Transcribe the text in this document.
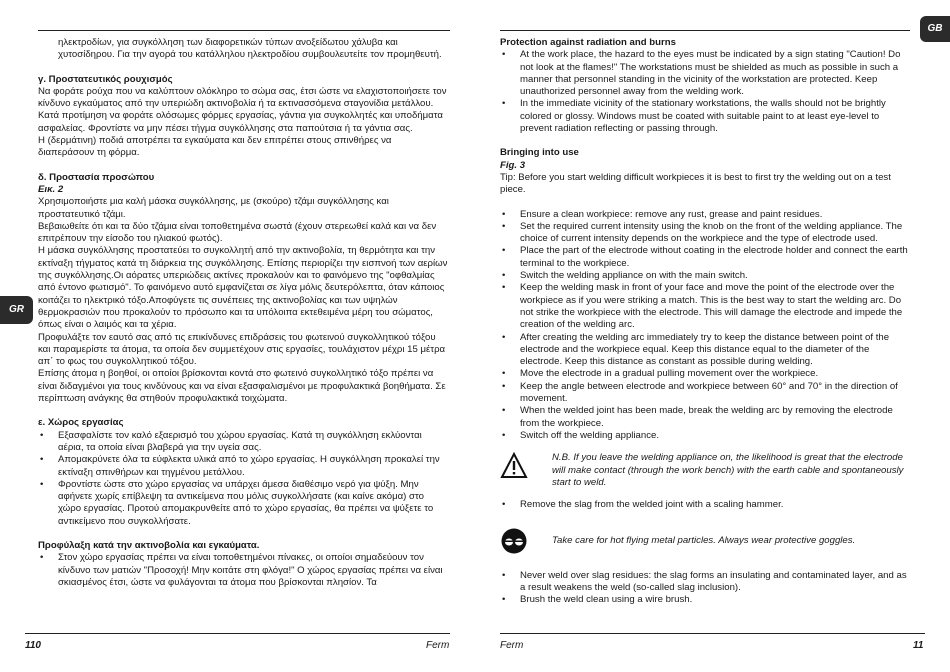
ηλεκτροδίων, για συγκόλληση των διαφορετικών τύπων ανοξείδωτου χάλυβα και χυτοσίδηρου. Για την αγορά του κατάλληλου ηλεκτροδίου συμβουλευτείτε τον προμηθευτή.

γ. Προστατευτικός ρουχισμός

Να φοράτε ρούχα που να καλύπτουν ολόκληρο το σώμα σας, έτσι ώστε να ελαχιστοποιήσετε τον κίνδυνο εγκαύματος από την υπεριώδη ακτινοβολία ή τα εκτινασσόμενα σταγονίδια μετάλλου.

Κατά προτίμηση να φοράτε ολόσωμες φόρμες εργασίας, γάντια για συγκολλητές και υποδήματα ασφαλείας. Φροντίστε να μην πέσει τήγμα συγκόλλησης στα παπούτσια ή τα γάντια σας.

Η (δερμάτινη) ποδιά αποτρέπει τα εγκαύματα και δεν επιτρέπει στους σπινθήρες να διαπεράσουν τη φόρμα.

δ. Προστασία προσώπου

Εικ. 2

Χρησιμοποιήστε μια καλή μάσκα συγκόλλησης, με (σκούρο) τζάμι συγκόλλησης και προστατευτικό τζάμι.

Βεβαιωθείτε ότι και τα δύο τζάμια είναι τοποθετημένα σωστά (έχουν στερεωθεί καλά και να δεν επιτρέπουν την είσοδο του ηλιακού φωτός).

Η μάσκα συγκόλλησης προστατεύει το συγκολλητή από την ακτινοβολία, τη θερμότητα και την εκτίναξη τήγματος κατά τη διάρκεια της συγκόλλησης. Επίσης περιορίζει την εισπνοή των αερίων της συγκόλλησης.Οι αόρατες υπεριώδεις ακτίνες προκαλούν και το φαινόμενο της "οφθαλμίας από έντονο φωτισμό". Το φαινόμενο αυτό εμφανίζεται σε λίγα μόλις δευτερόλεπτα, όταν κάποιος κοιτάζει το ηλεκτρικό τόξο.Αποφύγετε τις συνέπειες της ακτινοβολίας και των υψηλών θερμοκρασιών που προκαλούν το πρόσωπο και τα υπόλοιπα εκτεθειμένα μέρη του σώματος, όπως είναι ο λαιμός και τα χέρια.

Προφυλάξτε τον εαυτό σας από τις επικίνδυνες επιδράσεις του φωτεινού συγκολλητικού τόξου και παραμερίστε τα άτομα, τα οποία δεν συμμετέχουν στις εργασίες, τουλάχιστον μέχρι 15 μέτρα απ΄ το φως του συγκολλητικού τόξου.

Επίσης άτομα η βοηθοί, οι οποίοι βρίσκονται κοντά στο φωτεινό συγκολλητικό τόξο πρέπει να είναι διδαγμένοι για τους κινδύνους και να είναι εξασφαλισμένοι με προφυλακτικά βοηθήματα. Σε περίπτωση ανάγκης θα στηθούν προφυλακτικά τοιχώματα.

ε. Χώρος εργασίας

• Εξασφαλίστε τον καλό εξαερισμό του χώρου εργασίας. Κατά τη συγκόλληση εκλύονται αέρια, τα οποία είναι βλαβερά για την υγεία σας.
• Απομακρύνετε όλα τα εύφλεκτα υλικά από το χώρο εργασίας. Η συγκόλληση προκαλεί την εκτίναξη σπινθήρων και τηγμένου μετάλλου.
• Φροντίστε ώστε στο χώρο εργασίας να υπάρχει άμεσα διαθέσιμο νερό για ψύξη. Μην αφήνετε χωρίς επίβλεψη τα αντικείμενα που μόλις συγκολλήσατε (και καίνε ακόμα) στο χώρο εργασίας. Προτού απομακρυνθείτε από το χώρο εργασίας, θα πρέπει να ψύξετε το αντικείμενο που συγκολλήσατε.

Προφύλαξη κατά την ακτινοβολία και εγκαύματα.

• Στον χώρο εργασίας πρέπει να είναι τοποθετημένοι πίνακες, οι οποίοι σημαδεύουν τον κίνδυνο των ματιών "Προσοχή! Μην κοιτάτε στη φλόγα!" Ο χώρος εργασίας πρέπει να είναι σκιασμένος έτσι, ώστε να φυλάγονται τα άτομα που βρίσκονται πλησίον. Τα
GR
110	Ferm

Protection against radiation and burns

• At the work place, the hazard to the eyes must be indicated by a sign stating "Caution! Do not look at the flames!" The workstations must be shielded as much as possible in such a manner that personnel standing in the vicinity of the workstation are protected. Keep unauthorized personnel away from the welding work.
• In the immediate vicinity of the stationary workstations, the walls should not be brightly colored or glossy. Windows must be coated with suitable paint to at least eye-level to prevent radiation reflecting or passing through.

Bringing into use

Fig. 3

Tip: Before you start welding difficult workpieces it is best to first try the welding out on a test piece.

• Ensure a clean workpiece: remove any rust, grease and paint residues.
• Set the required current intensity using the knob on the front of the welding appliance. The choice of current intensity depends on the workpiece and the type of electrode used.
• Place the part of the electrode without coating in the electrode holder and connect the earth terminal to the workpiece.
• Switch the welding appliance on with the main switch.
• Keep the welding mask in front of your face and move the point of the electrode over the workpiece as if you were striking a match. This is the best way to start the welding arc. Do not strike the workpiece with the electrode. This will damage the electrode and impede the creation of the welding arc.
• After creating the welding arc immediately try to keep the distance between point of the electrode and the workpiece equal. Keep this distance equal to the diameter of the electrode. Keep this distance as constant as possible during welding.
• Move the electrode in a gradual pulling movement over the workpiece.
• Keep the angle between electrode and workpiece between 60° and 70° in the direction of movement.
• When the welded joint has been made, break the welding arc by removing the electrode from the workpiece.
• Switch off the welding appliance.

N.B. If you leave the welding appliance on, the likelihood is great that the electrode will make contact (through the work bench) with the earth cable and spontaneously start to weld.

• Remove the slag from the welded joint with a scaling hammer.

Take care for hot flying metal particles. Always wear protective goggles.

• Never weld over slag residues: the slag forms an insulating and contaminated layer, and as a result weakens the weld (so-called slag inclusion).
• Brush the weld clean using a wire brush.
GB
Ferm	11
